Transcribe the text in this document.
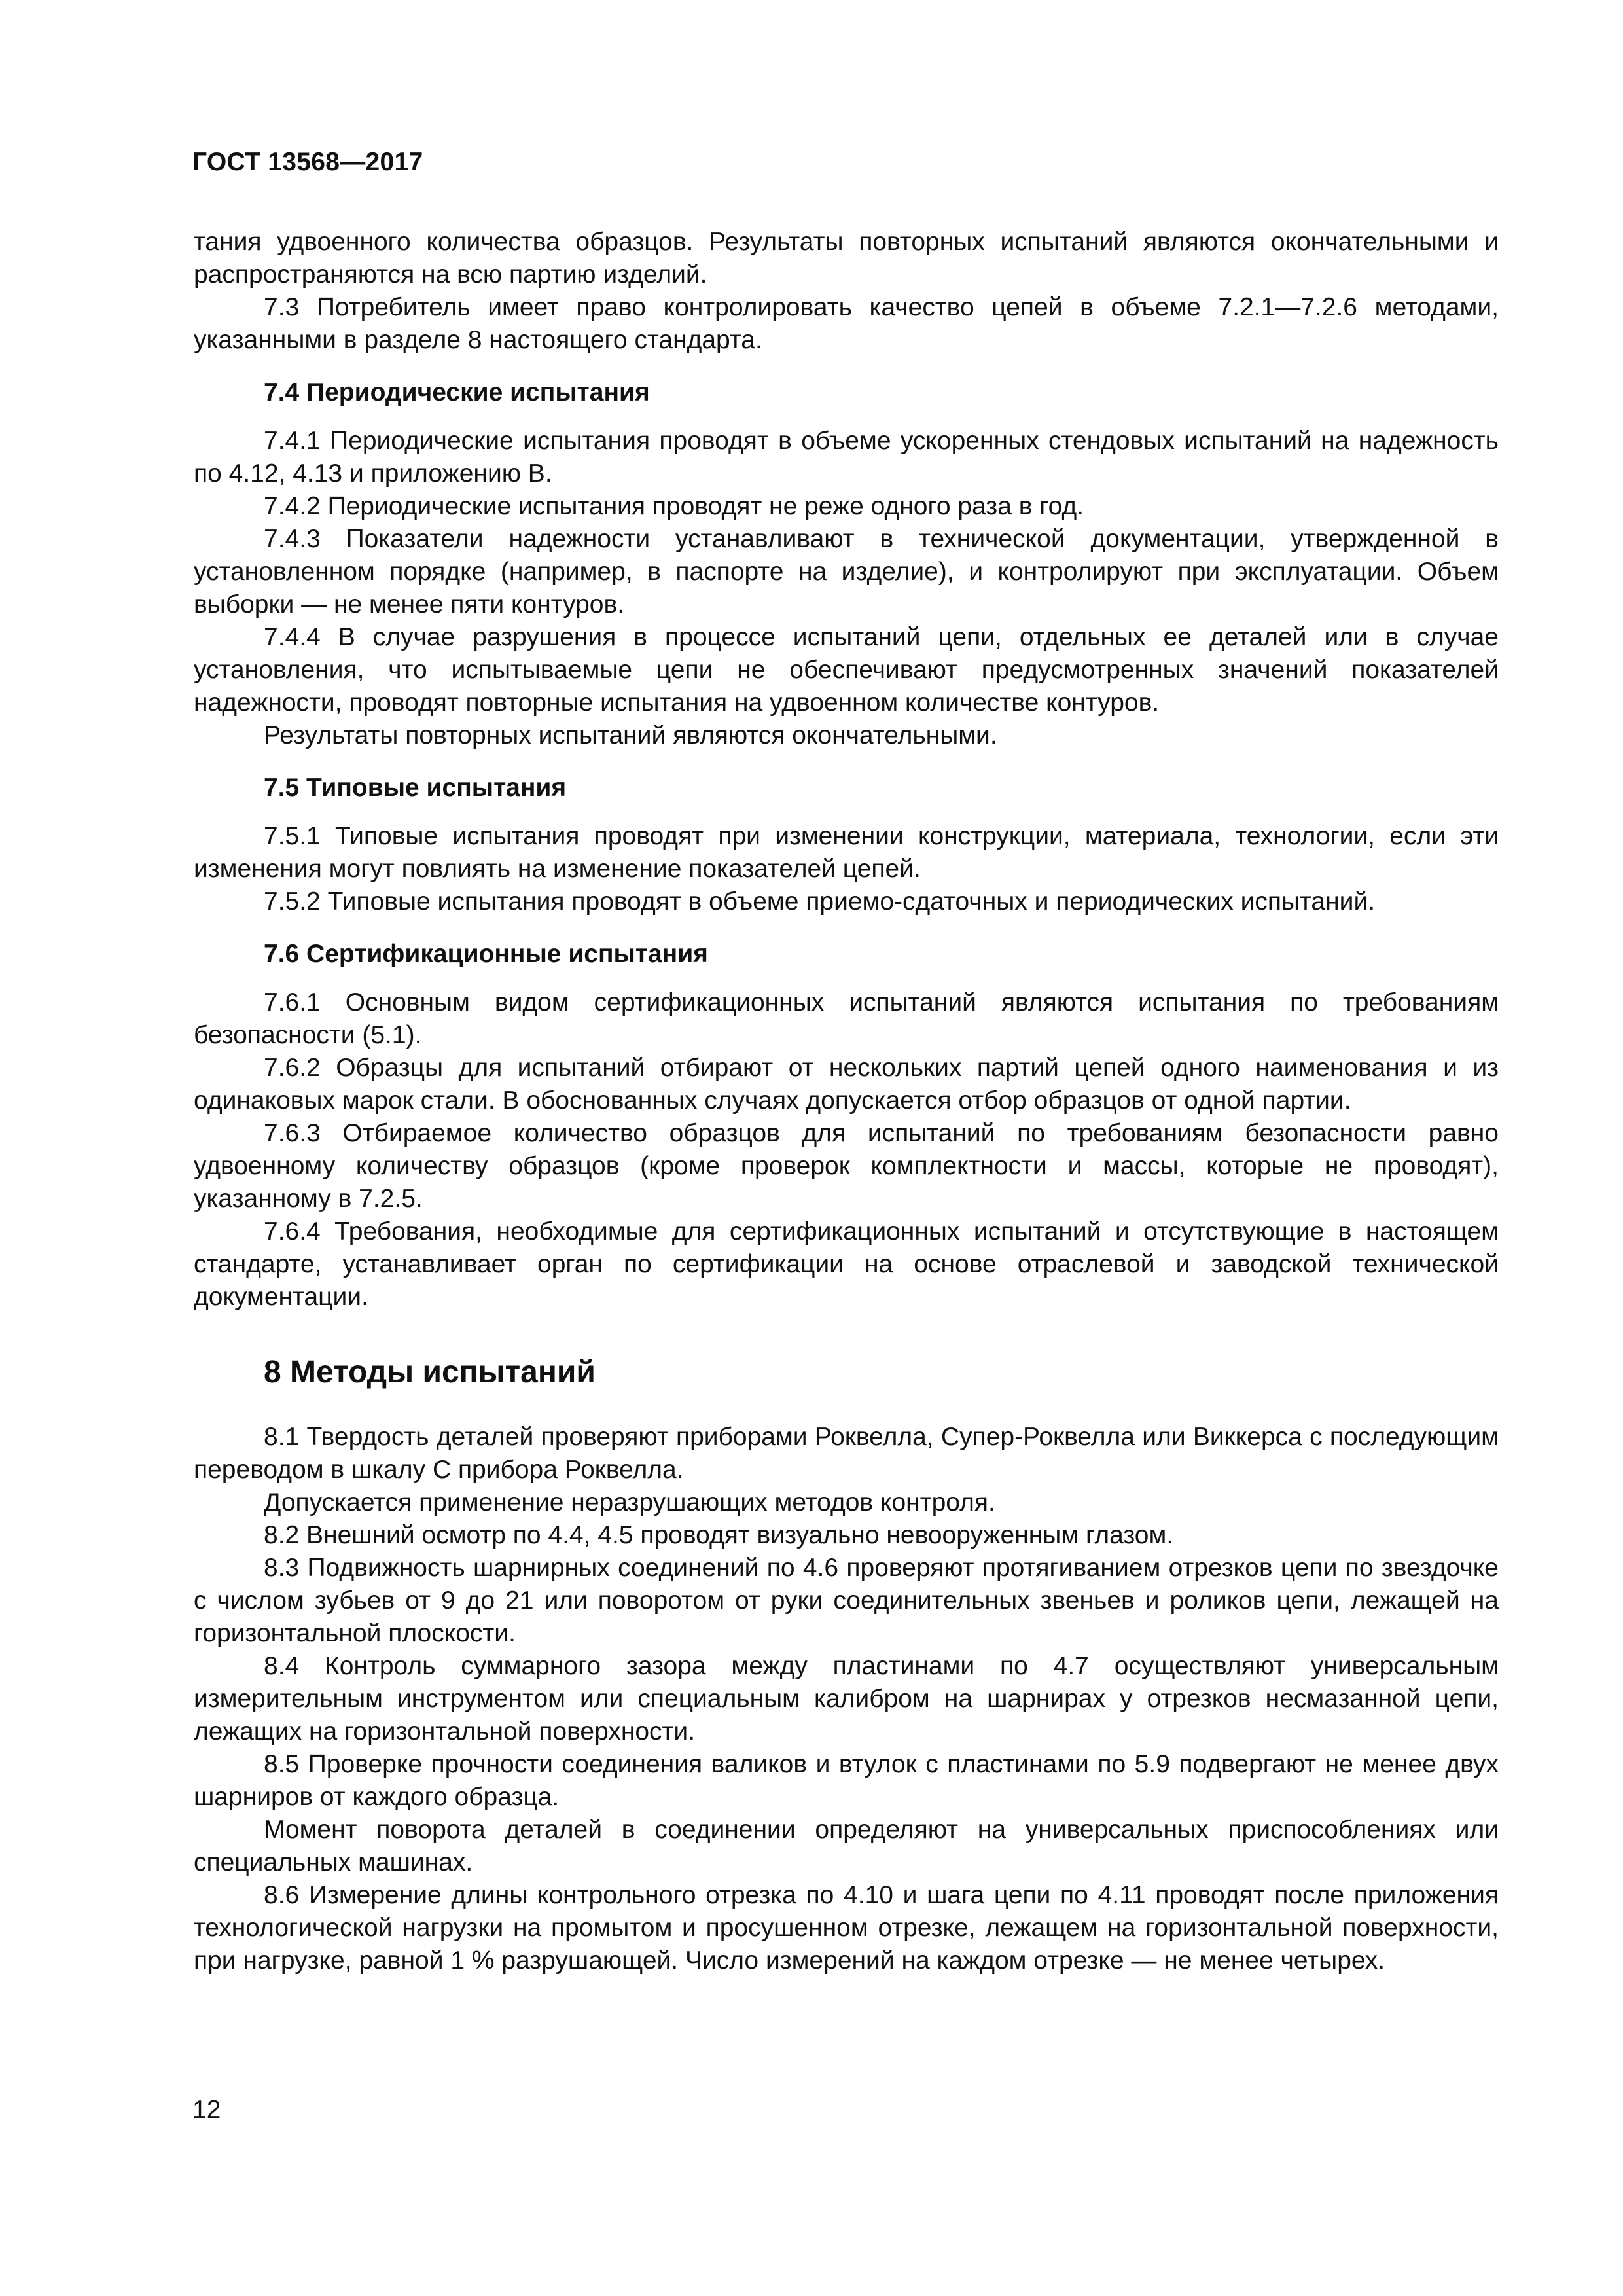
ГОСТ 13568—2017

тания удвоенного количества образцов. Результаты повторных испытаний являются окончательными и распространяются на всю партию изделий.

7.3 Потребитель имеет право контролировать качество цепей в объеме 7.2.1—7.2.6 методами, указанными в разделе 8 настоящего стандарта.

7.4 Периодические испытания

7.4.1 Периодические испытания проводят в объеме ускоренных стендовых испытаний на надежность по 4.12, 4.13 и приложению В.

7.4.2 Периодические испытания проводят не реже одного раза в год.

7.4.3 Показатели надежности устанавливают в технической документации, утвержденной в установленном порядке (например, в паспорте на изделие), и контролируют при эксплуатации. Объем выборки — не менее пяти контуров.

7.4.4 В случае разрушения в процессе испытаний цепи, отдельных ее деталей или в случае установления, что испытываемые цепи не обеспечивают предусмотренных значений показателей надежности, проводят повторные испытания на удвоенном количестве контуров.

Результаты повторных испытаний являются окончательными.

7.5 Типовые испытания

7.5.1 Типовые испытания проводят при изменении конструкции, материала, технологии, если эти изменения могут повлиять на изменение показателей цепей.

7.5.2 Типовые испытания проводят в объеме приемо-сдаточных и периодических испытаний.

7.6 Сертификационные испытания

7.6.1 Основным видом сертификационных испытаний являются испытания по требованиям безопасности (5.1).

7.6.2 Образцы для испытаний отбирают от нескольких партий цепей одного наименования и из одинаковых марок стали. В обоснованных случаях допускается отбор образцов от одной партии.

7.6.3 Отбираемое количество образцов для испытаний по требованиям безопасности равно удвоенному количеству образцов (кроме проверок комплектности и массы, которые не проводят), указанному в 7.2.5.

7.6.4 Требования, необходимые для сертификационных испытаний и отсутствующие в настоящем стандарте, устанавливает орган по сертификации на основе отраслевой и заводской технической документации.

8 Методы испытаний

8.1 Твердость деталей проверяют приборами Роквелла, Супер-Роквелла или Виккерса с последующим переводом в шкалу С прибора Роквелла.

Допускается применение неразрушающих методов контроля.

8.2 Внешний осмотр по 4.4, 4.5 проводят визуально невооруженным глазом.

8.3 Подвижность шарнирных соединений по 4.6 проверяют протягиванием отрезков цепи по звездочке с числом зубьев от 9 до 21 или поворотом от руки соединительных звеньев и роликов цепи, лежащей на горизонтальной плоскости.

8.4 Контроль суммарного зазора между пластинами по 4.7 осуществляют универсальным измерительным инструментом или специальным калибром на шарнирах у отрезков несмазанной цепи, лежащих на горизонтальной поверхности.

8.5 Проверке прочности соединения валиков и втулок с пластинами по 5.9 подвергают не менее двух шарниров от каждого образца.

Момент поворота деталей в соединении определяют на универсальных приспособлениях или специальных машинах.

8.6 Измерение длины контрольного отрезка по 4.10 и шага цепи по 4.11 проводят после приложения технологической нагрузки на промытом и просушенном отрезке, лежащем на горизонтальной поверхности, при нагрузке, равной 1 % разрушающей. Число измерений на каждом отрезке — не менее четырех.

12
